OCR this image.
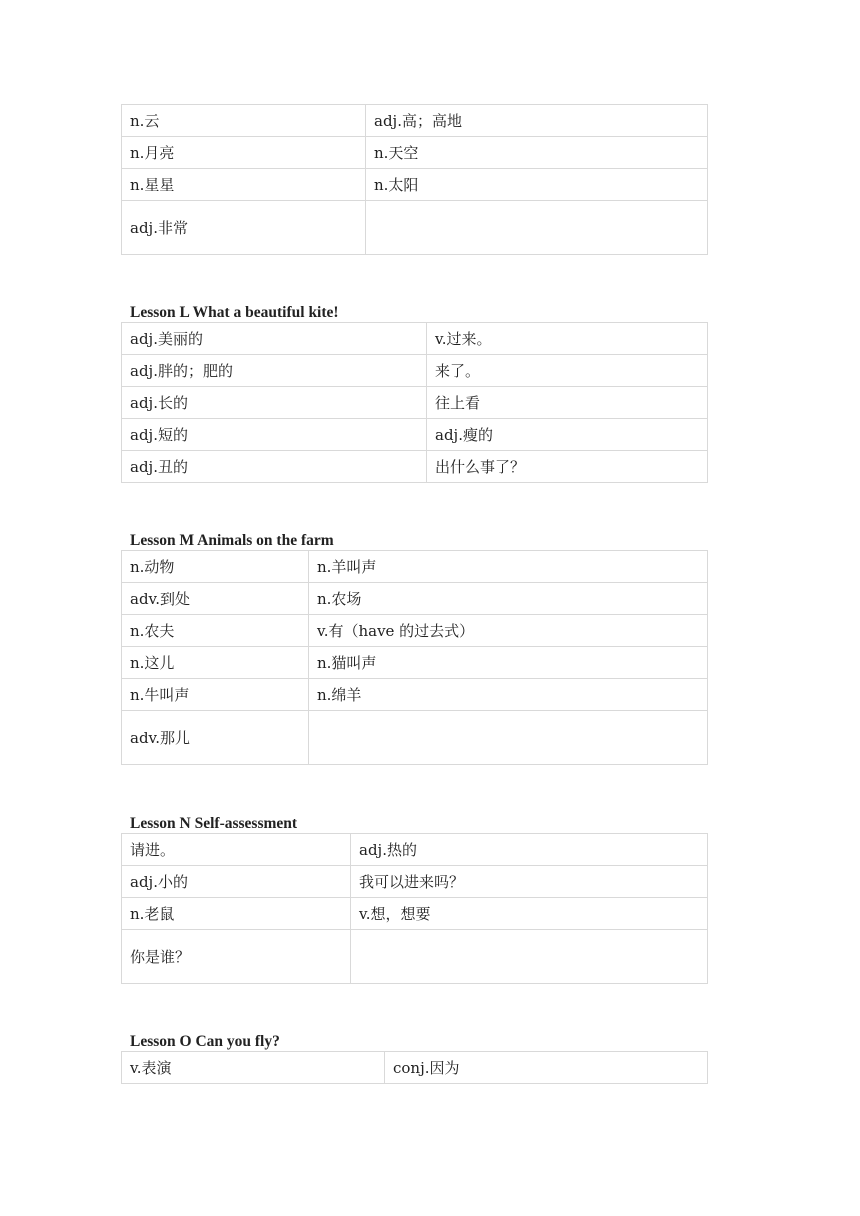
n.云	adj.高；高地
n.月亮	n.天空
n.星星	n.太阳
adj.非常	
Lesson L What a beautiful kite!
adj.美丽的	v.过来。
adj.胖的；肥的	来了。
adj.长的	往上看
adj.短的	adj.瘦的
adj.丑的	出什么事了？
Lesson M Animals on the farm
n.动物	n.羊叫声
adv.到处	n.农场
n.农夫	v.有（have 的过去式）
n.这儿	n.猫叫声
n.牛叫声	n.绵羊
adv.那儿	
Lesson N Self-assessment
请进。	adj.热的
adj.小的	我可以进来吗？
n.老鼠	v.想，想要
你是谁？	
Lesson O Can you fly?
v.表演	conj.因为
